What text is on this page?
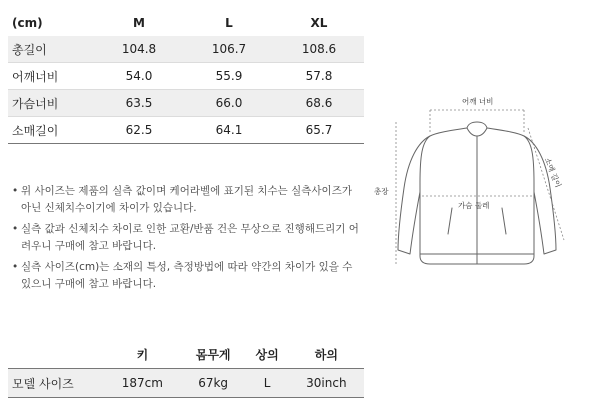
(cm)	M	L	XL
총길이	104.8	106.7	108.6
어깨너비	54.0	55.9	57.8
가슴너비	63.5	66.0	68.6
소매길이	62.5	64.1	65.7
• 위 사이즈는 제품의 실측 값이며 케어라벨에 표기된 치수는 실측사이즈가 아닌 신체치수이기에 차이가 있습니다.
• 실측 값과 신체치수 차이로 인한 교환/반품 건은 무상으로 진행해드리기 어려우니 구매에 참고 바랍니다.
• 실측 사이즈(cm)는 소재의 특성, 측정방법에 따라 약간의 차이가 있을 수 있으니 구매에 참고 바랍니다.
어깨 너비
소매 길이
총장
가슴 둘레
	키	몸무게	상의	하의
모델 사이즈	187cm	67kg	L	30inch
